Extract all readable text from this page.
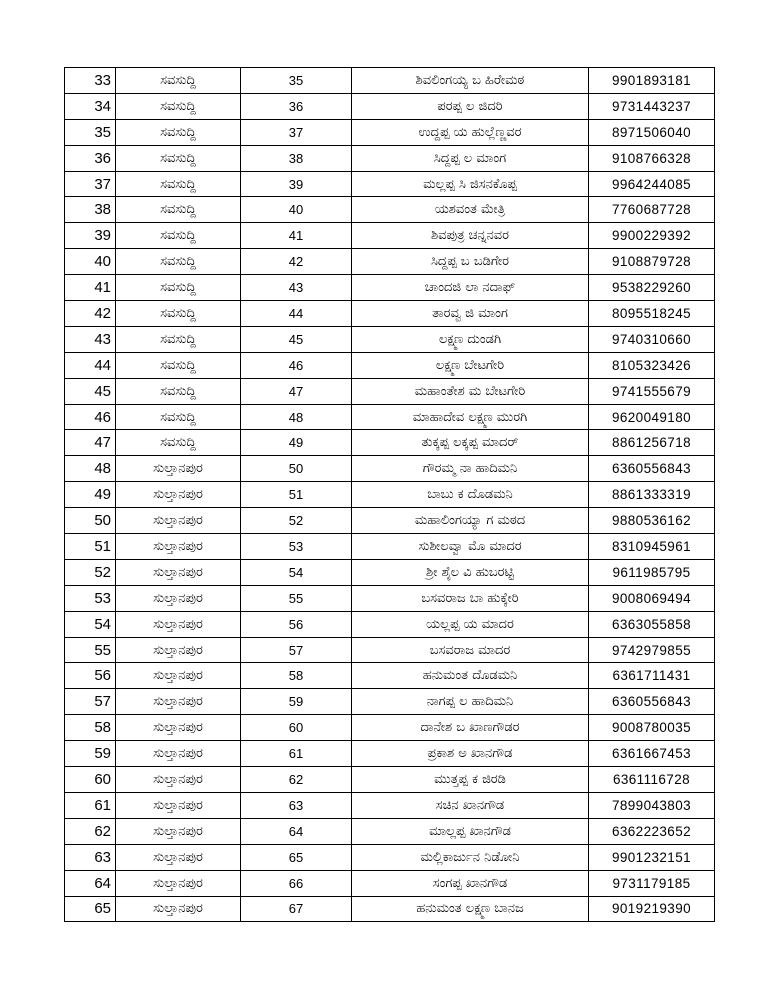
33	ಸವಸುದ್ದಿ	35	ಶಿವಲಿಂಗಯ್ಯ ಬ ಹಿರೇಮಠ	9901893181
34	ಸವಸುದ್ದಿ	36	ಪರಪ್ಪ ಲ ಜಿದರಿ	9731443237
35	ಸವಸುದ್ದಿ	37	ಉದ್ದಪ್ಪ ಯ ಹುಲ್ಲೆಣ್ಣವರ	8971506040
36	ಸವಸುದ್ದಿ	38	ಸಿದ್ದಪ್ಪ ಲ ಮಾಂಗ	9108766328
37	ಸವಸುದ್ದಿ	39	ಮಲ್ಲಪ್ಪ ಸಿ ಜಿಸನಕೊಪ್ಪ	9964244085
38	ಸವಸುದ್ದಿ	40	ಯಶವಂತ ಮೇತ್ರಿ	7760687728
39	ಸವಸುದ್ದಿ	41	ಶಿವಪುತ್ರ ಚನ್ನನವರ	9900229392
40	ಸವಸುದ್ದಿ	42	ಸಿದ್ದಪ್ಪ ಬ ಬಡಿಗೇರ	9108879728
41	ಸವಸುದ್ದಿ	43	ಚಾಂದಜಿ ಲಾ ನದಾಫ್	9538229260
42	ಸವಸುದ್ದಿ	44	ತಾರವ್ವ ಜಿ ಮಾಂಗ	8095518245
43	ಸವಸುದ್ದಿ	45	ಲಕ್ಷ್ಮಣ ದುಂಡಗಿ	9740310660
44	ಸವಸುದ್ದಿ	46	ಲಕ್ಷ್ಮಣ ಬೇಟಗೇರಿ	8105323426
45	ಸವಸುದ್ದಿ	47	ಮಹಾಂತೇಶ ಮ ಬೇಟಗೇರಿ	9741555679
46	ಸವಸುದ್ದಿ	48	ಮಾಹಾದೇವ ಲಕ್ಷ್ಮಣ ಮುರಗಿ	9620049180
47	ಸವಸುದ್ದಿ	49	ತುಕ್ಕಪ್ಪ ಲಕ್ಕಪ್ಪ ಮಾದರ್	8861256718
48	ಸುಲ್ತಾನಪುರ	50	ಗೌರಮ್ಮ ನಾ ಹಾದಿಮನಿ	6360556843
49	ಸುಲ್ತಾನಪುರ	51	ಬಾಬು ಕ ದೊಡಮನಿ	8861333319
50	ಸುಲ್ತಾನಪುರ	52	ಮಹಾಲಿಂಗಯ್ಯಾ ಗ ಮಠದ	9880536162
51	ಸುಲ್ತಾನಪುರ	53	ಸುಶೀಲವ್ವಾ ಮೊ ಮಾದರ	8310945961
52	ಸುಲ್ತಾನಪುರ	54	ಶ್ರೀ ಶೈಲ ವಿ ಹುಬರಟ್ಟಿ	9611985795
53	ಸುಲ್ತಾನಪುರ	55	ಬಸವರಾಜ ಬಾ ಹುಕ್ಕೇರಿ	9008069494
54	ಸುಲ್ತಾನಪುರ	56	ಯಲ್ಲಪ್ಪ ಯ ಮಾದರ	6363055858
55	ಸುಲ್ತಾನಪುರ	57	ಬಸವರಾಜ ಮಾದರ	9742979855
56	ಸುಲ್ತಾನಪುರ	58	ಹನುಮಂತ ದೊಡಮನಿ	6361711431
57	ಸುಲ್ತಾನಪುರ	59	ನಾಗಪ್ಪ ಲ ಹಾದಿಮನಿ	6360556843
58	ಸುಲ್ತಾನಪುರ	60	ದಾನೇಶ ಬ ಖಾಣಗೌಡರ	9008780035
59	ಸುಲ್ತಾನಪುರ	61	ಪ್ರಕಾಶ ಅ ಖಾನಗೌಡ	6361667453
60	ಸುಲ್ತಾನಪುರ	62	ಮುತ್ತಪ್ಪ ಕ ಜಿರಡಿ	6361116728
61	ಸುಲ್ತಾನಪುರ	63	ಸಚಿನ ಖಾನಗೌಡ	7899043803
62	ಸುಲ್ತಾನಪುರ	64	ಮಾಲ್ಲಪ್ಪ ಖಾನಗೌಡ	6362223652
63	ಸುಲ್ತಾನಪುರ	65	ಮಲ್ಲಿಕಾರ್ಜುನ ನಿಡೋನಿ	9901232151
64	ಸುಲ್ತಾನಪುರ	66	ಸಂಗಪ್ಪ ಖಾನಗೌಡ	9731179185
65	ಸುಲ್ತಾನಪುರ	67	ಹನುಮಂತ ಲಕ್ಷ್ಮಣ ಬಾನಜ	9019219390
